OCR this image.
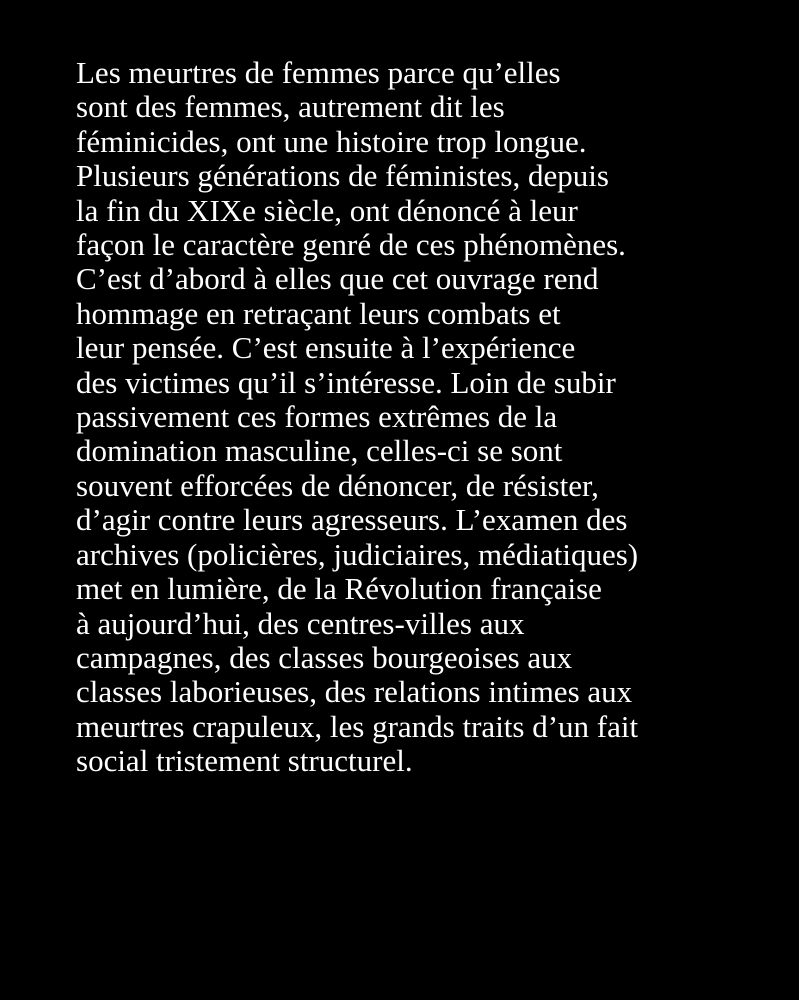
Les meurtres de femmes parce qu’elles
sont des femmes, autrement dit les
féminicides, ont une histoire trop longue.
Plusieurs générations de féministes, depuis
la fin du XIXe siècle, ont dénoncé à leur
façon le caractère genré de ces phénomènes.
C’est d’abord à elles que cet ouvrage rend
hommage en retraçant leurs combats et
leur pensée. C’est ensuite à l’expérience
des victimes qu’il s’intéresse. Loin de subir
passivement ces formes extrêmes de la
domination masculine, celles-ci se sont
souvent efforcées de dénoncer, de résister,
d’agir contre leurs agresseurs. L’examen des
archives (policières, judiciaires, médiatiques)
met en lumière, de la Révolution française
à aujourd’hui, des centres-villes aux
campagnes, des classes bourgeoises aux
classes laborieuses, des relations intimes aux
meurtres crapuleux, les grands traits d’un fait
social tristement structurel.
